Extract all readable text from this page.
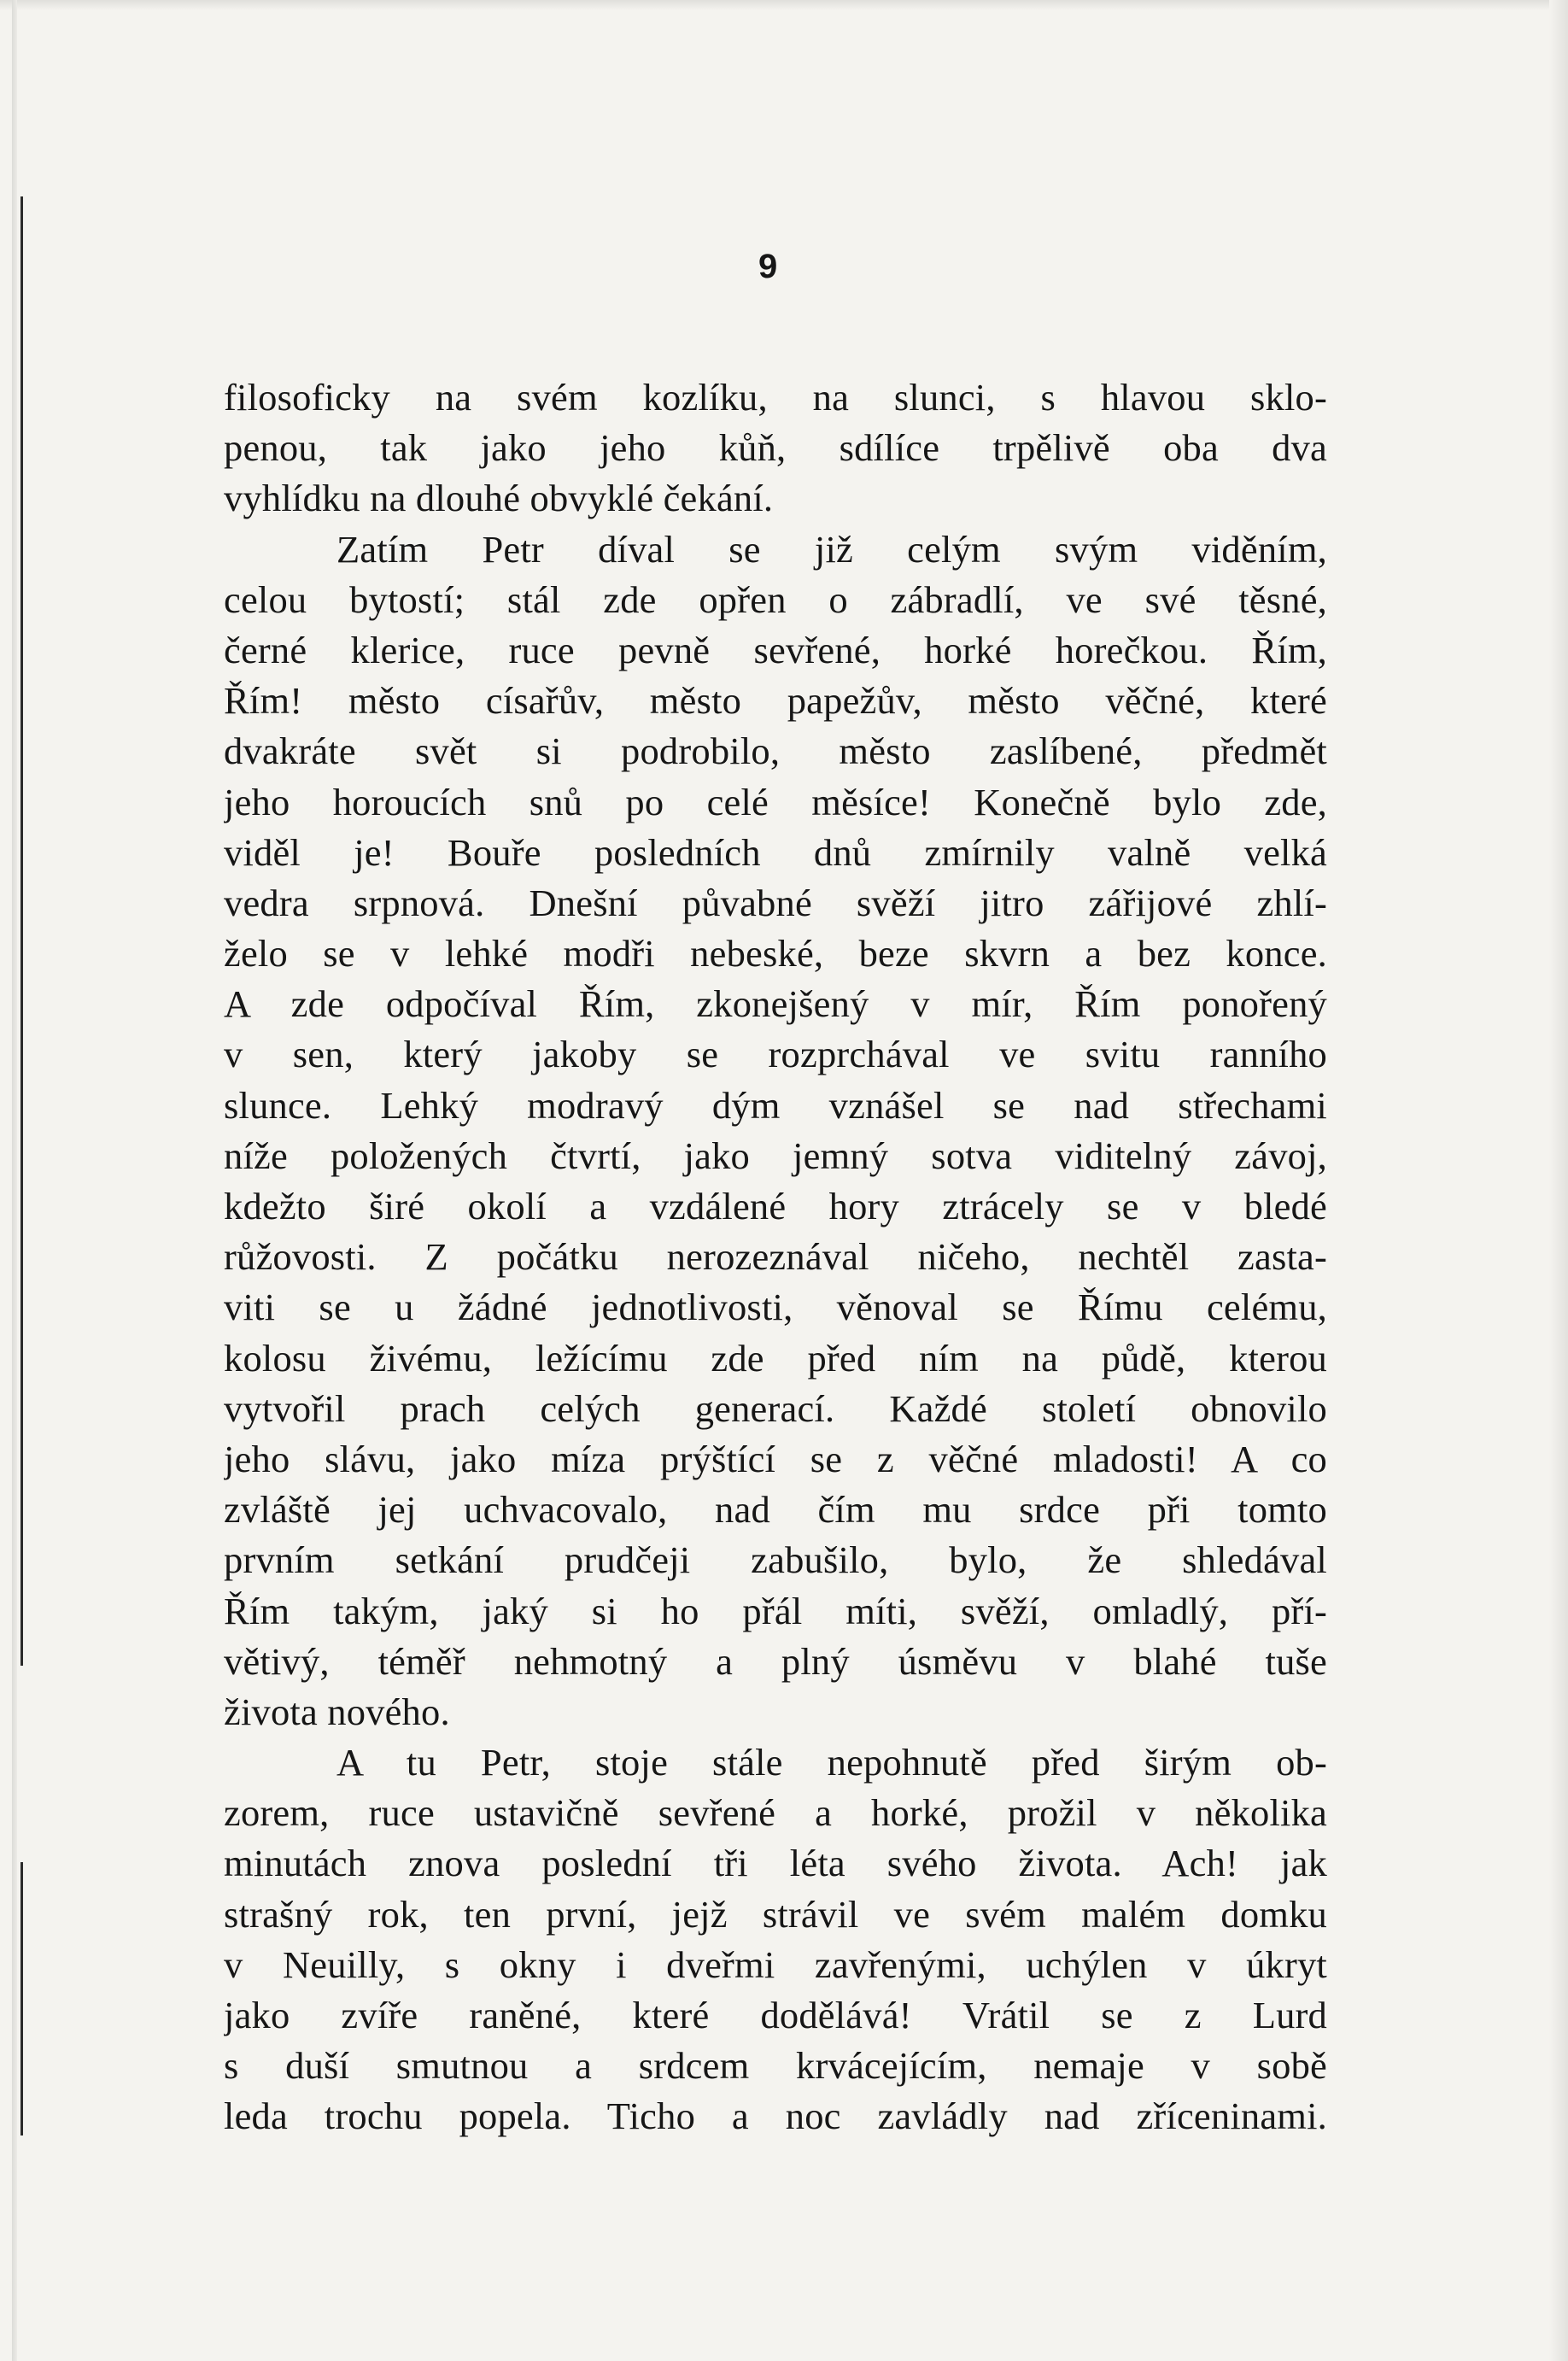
9
filosoficky na svém kozlíku, na slunci, s hlavou sklo-
penou, tak jako jeho kůň, sdílíce trpělivě oba dva
vyhlídku na dlouhé obvyklé čekání.
Zatím Petr díval se již celým svým viděním,
celou bytostí; stál zde opřen o zábradlí, ve své těsné,
černé klerice, ruce pevně sevřené, horké horečkou. Řím,
Řím! město císařův, město papežův, město věčné, které
dvakráte svět si podrobilo, město zaslíbené, předmět
jeho horoucích snů po celé měsíce! Konečně bylo zde,
viděl je! Bouře posledních dnů zmírnily valně velká
vedra srpnová. Dnešní půvabné svěží jitro zářijové zhlí-
želo se v lehké modři nebeské, beze skvrn a bez konce.
A zde odpočíval Řím, zkonejšený v mír, Řím ponořený
v sen, který jakoby se rozprchával ve svitu ranního
slunce. Lehký modravý dým vznášel se nad střechami
níže položených čtvrtí, jako jemný sotva viditelný závoj,
kdežto širé okolí a vzdálené hory ztrácely se v bledé
růžovosti. Z počátku nerozeznával ničeho, nechtěl zasta-
viti se u žádné jednotlivosti, věnoval se Římu celému,
kolosu živému, ležícímu zde před ním na půdě, kterou
vytvořil prach celých generací. Každé století obnovilo
jeho slávu, jako míza prýštící se z věčné mladosti! A co
zvláště jej uchvacovalo, nad čím mu srdce při tomto
prvním setkání prudčeji zabušilo, bylo, že shledával
Řím takým, jaký si ho přál míti, svěží, omladlý, pří-
větivý, téměř nehmotný a plný úsměvu v blahé tuše
života nového.
A tu Petr, stoje stále nepohnutě před širým ob-
zorem, ruce ustavičně sevřené a horké, prožil v několika
minutách znova poslední tři léta svého života. Ach! jak
strašný rok, ten první, jejž strávil ve svém malém domku
v Neuilly, s okny i dveřmi zavřenými, uchýlen v úkryt
jako zvíře raněné, které dodělává! Vrátil se z Lurd
s duší smutnou a srdcem krvácejícím, nemaje v sobě
leda trochu popela. Ticho a noc zavládly nad zříceninami.
